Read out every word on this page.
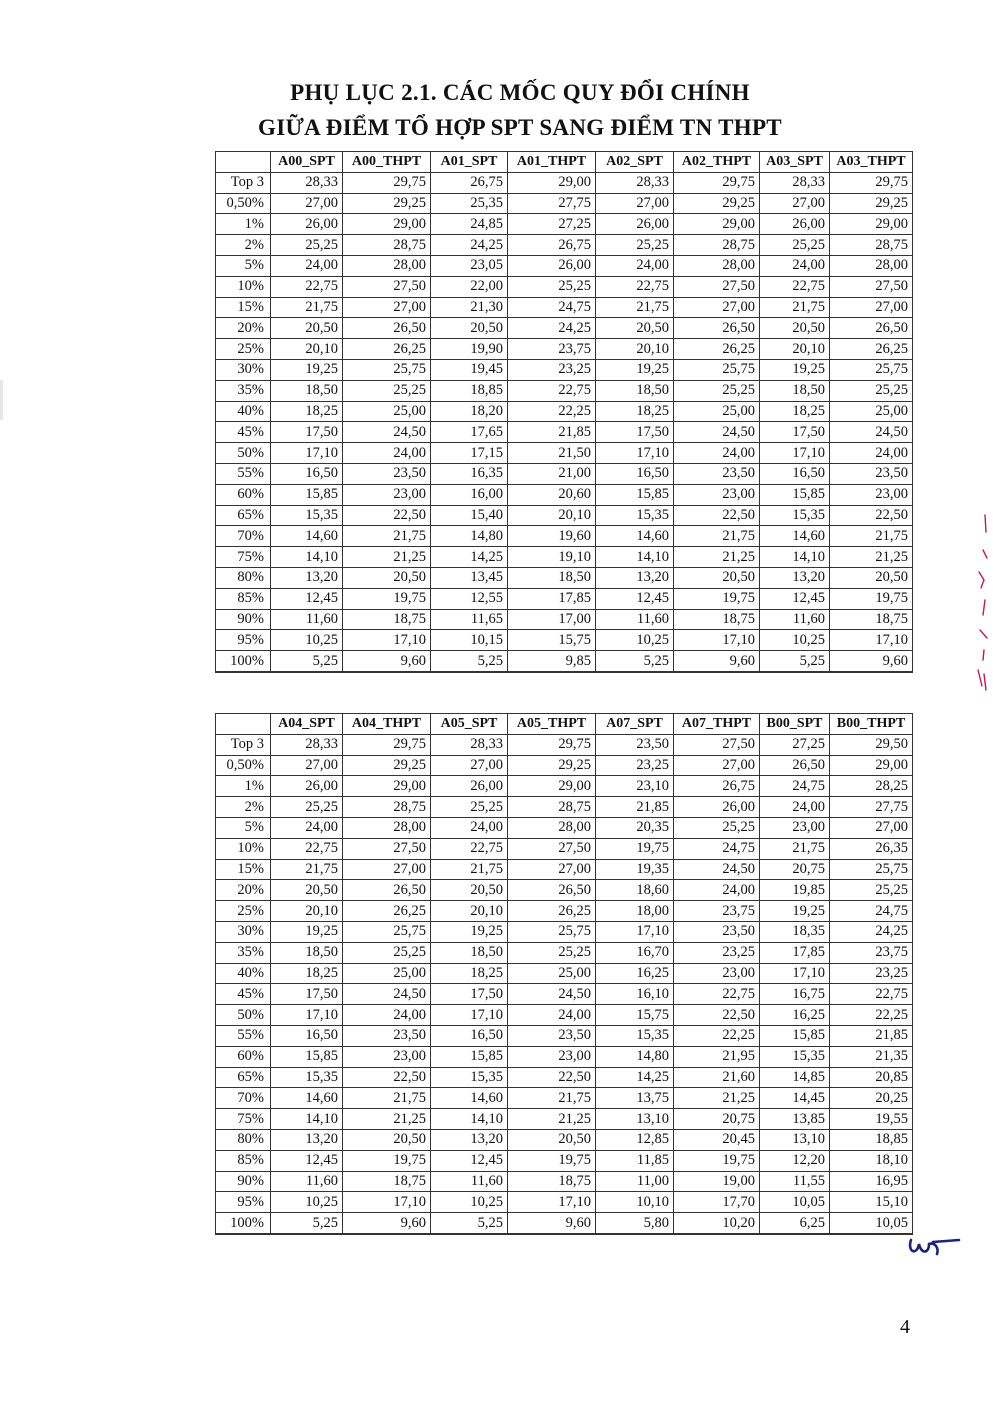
PHỤ LỤC 2.1. CÁC MỐC QUY ĐỔI CHÍNH
GIỮA ĐIỂM TỔ HỢP SPT SANG ĐIỂM TN THPT
	A00_SPT	A00_THPT	A01_SPT	A01_THPT	A02_SPT	A02_THPT	A03_SPT	A03_THPT
Top 3	28,33	29,75	26,75	29,00	28,33	29,75	28,33	29,75
0,50%	27,00	29,25	25,35	27,75	27,00	29,25	27,00	29,25
1%	26,00	29,00	24,85	27,25	26,00	29,00	26,00	29,00
2%	25,25	28,75	24,25	26,75	25,25	28,75	25,25	28,75
5%	24,00	28,00	23,05	26,00	24,00	28,00	24,00	28,00
10%	22,75	27,50	22,00	25,25	22,75	27,50	22,75	27,50
15%	21,75	27,00	21,30	24,75	21,75	27,00	21,75	27,00
20%	20,50	26,50	20,50	24,25	20,50	26,50	20,50	26,50
25%	20,10	26,25	19,90	23,75	20,10	26,25	20,10	26,25
30%	19,25	25,75	19,45	23,25	19,25	25,75	19,25	25,75
35%	18,50	25,25	18,85	22,75	18,50	25,25	18,50	25,25
40%	18,25	25,00	18,20	22,25	18,25	25,00	18,25	25,00
45%	17,50	24,50	17,65	21,85	17,50	24,50	17,50	24,50
50%	17,10	24,00	17,15	21,50	17,10	24,00	17,10	24,00
55%	16,50	23,50	16,35	21,00	16,50	23,50	16,50	23,50
60%	15,85	23,00	16,00	20,60	15,85	23,00	15,85	23,00
65%	15,35	22,50	15,40	20,10	15,35	22,50	15,35	22,50
70%	14,60	21,75	14,80	19,60	14,60	21,75	14,60	21,75
75%	14,10	21,25	14,25	19,10	14,10	21,25	14,10	21,25
80%	13,20	20,50	13,45	18,50	13,20	20,50	13,20	20,50
85%	12,45	19,75	12,55	17,85	12,45	19,75	12,45	19,75
90%	11,60	18,75	11,65	17,00	11,60	18,75	11,60	18,75
95%	10,25	17,10	10,15	15,75	10,25	17,10	10,25	17,10
100%	5,25	9,60	5,25	9,85	5,25	9,60	5,25	9,60
	A04_SPT	A04_THPT	A05_SPT	A05_THPT	A07_SPT	A07_THPT	B00_SPT	B00_THPT
Top 3	28,33	29,75	28,33	29,75	23,50	27,50	27,25	29,50
0,50%	27,00	29,25	27,00	29,25	23,25	27,00	26,50	29,00
1%	26,00	29,00	26,00	29,00	23,10	26,75	24,75	28,25
2%	25,25	28,75	25,25	28,75	21,85	26,00	24,00	27,75
5%	24,00	28,00	24,00	28,00	20,35	25,25	23,00	27,00
10%	22,75	27,50	22,75	27,50	19,75	24,75	21,75	26,35
15%	21,75	27,00	21,75	27,00	19,35	24,50	20,75	25,75
20%	20,50	26,50	20,50	26,50	18,60	24,00	19,85	25,25
25%	20,10	26,25	20,10	26,25	18,00	23,75	19,25	24,75
30%	19,25	25,75	19,25	25,75	17,10	23,50	18,35	24,25
35%	18,50	25,25	18,50	25,25	16,70	23,25	17,85	23,75
40%	18,25	25,00	18,25	25,00	16,25	23,00	17,10	23,25
45%	17,50	24,50	17,50	24,50	16,10	22,75	16,75	22,75
50%	17,10	24,00	17,10	24,00	15,75	22,50	16,25	22,25
55%	16,50	23,50	16,50	23,50	15,35	22,25	15,85	21,85
60%	15,85	23,00	15,85	23,00	14,80	21,95	15,35	21,35
65%	15,35	22,50	15,35	22,50	14,25	21,60	14,85	20,85
70%	14,60	21,75	14,60	21,75	13,75	21,25	14,45	20,25
75%	14,10	21,25	14,10	21,25	13,10	20,75	13,85	19,55
80%	13,20	20,50	13,20	20,50	12,85	20,45	13,10	18,85
85%	12,45	19,75	12,45	19,75	11,85	19,75	12,20	18,10
90%	11,60	18,75	11,60	18,75	11,00	19,00	11,55	16,95
95%	10,25	17,10	10,25	17,10	10,10	17,70	10,05	15,10
100%	5,25	9,60	5,25	9,60	5,80	10,20	6,25	10,05
4
